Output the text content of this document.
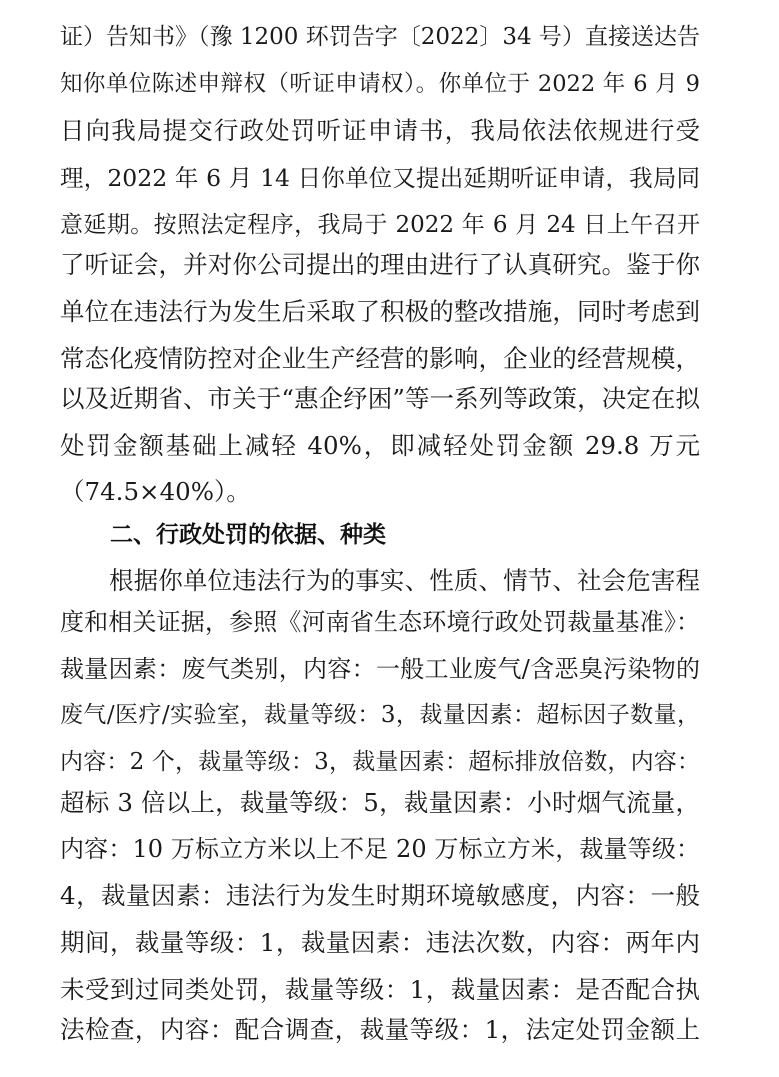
证）告知书》（豫 1200 环罚告字〔2022〕34 号）直接送达告
知你单位陈述申辩权（听证申请权）。你单位于 2022 年 6 月 9
日向我局提交行政处罚听证申请书，我局依法依规进行受
理，2022 年 6 月 14 日你单位又提出延期听证申请，我局同
意延期。按照法定程序，我局于 2022 年 6 月 24 日上午召开
了听证会，并对你公司提出的理由进行了认真研究。鉴于你
单位在违法行为发生后采取了积极的整改措施，同时考虑到
常态化疫情防控对企业生产经营的影响，企业的经营规模，
以及近期省、市关于“惠企纾困”等一系列等政策，决定在拟
处罚金额基础上减轻 40%，即减轻处罚金额 29.8 万元
（74.5×40%）。
二、行政处罚的依据、种类
根据你单位违法行为的事实、性质、情节、社会危害程
度和相关证据，参照《河南省生态环境行政处罚裁量基准》：
裁量因素：废气类别，内容：一般工业废气/含恶臭污染物的
废气/医疗/实验室，裁量等级：3，裁量因素：超标因子数量，
内容：2 个，裁量等级：3，裁量因素：超标排放倍数，内容：
超标 3 倍以上，裁量等级：5，裁量因素：小时烟气流量，
内容：10 万标立方米以上不足 20 万标立方米，裁量等级：
4，裁量因素：违法行为发生时期环境敏感度，内容：一般
期间，裁量等级：1，裁量因素：违法次数，内容：两年内
未受到过同类处罚，裁量等级：1，裁量因素：是否配合执
法检查，内容：配合调查，裁量等级：1，法定处罚金额上
